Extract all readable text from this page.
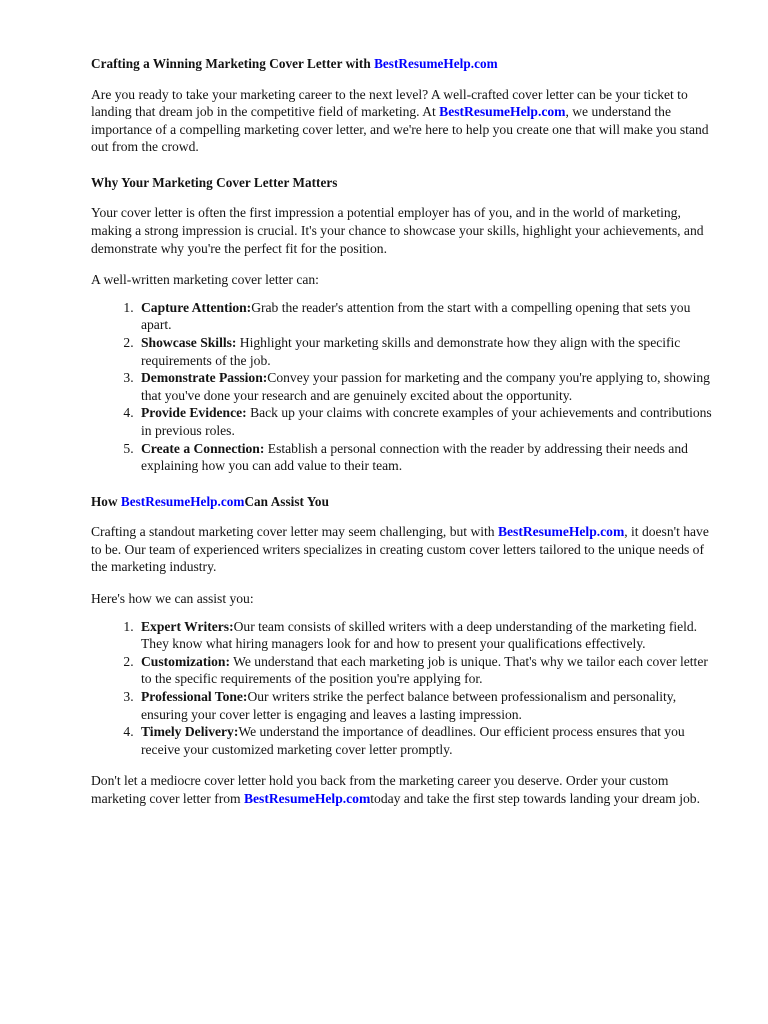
Crafting a Winning Marketing Cover Letter with BestResumeHelp.com

Are you ready to take your marketing career to the next level? A well-crafted cover letter can be your ticket to landing that dream job in the competitive field of marketing. At BestResumeHelp.com, we understand the importance of a compelling marketing cover letter, and we're here to help you create one that will make you stand out from the crowd.

Why Your Marketing Cover Letter Matters

Your cover letter is often the first impression a potential employer has of you, and in the world of marketing, making a strong impression is crucial. It's your chance to showcase your skills, highlight your achievements, and demonstrate why you're the perfect fit for the position.

A well-written marketing cover letter can:

1. Capture Attention:Grab the reader's attention from the start with a compelling opening that sets you apart.
2. Showcase Skills: Highlight your marketing skills and demonstrate how they align with the specific requirements of the job.
3. Demonstrate Passion:Convey your passion for marketing and the company you're applying to, showing that you've done your research and are genuinely excited about the opportunity.
4. Provide Evidence: Back up your claims with concrete examples of your achievements and contributions in previous roles.
5. Create a Connection: Establish a personal connection with the reader by addressing their needs and explaining how you can add value to their team.
How BestResumeHelp.comCan Assist You

Crafting a standout marketing cover letter may seem challenging, but with BestResumeHelp.com, it doesn't have to be. Our team of experienced writers specializes in creating custom cover letters tailored to the unique needs of the marketing industry.

Here's how we can assist you:

1. Expert Writers:Our team consists of skilled writers with a deep understanding of the marketing field. They know what hiring managers look for and how to present your qualifications effectively.
2. Customization: We understand that each marketing job is unique. That's why we tailor each cover letter to the specific requirements of the position you're applying for.
3. Professional Tone:Our writers strike the perfect balance between professionalism and personality, ensuring your cover letter is engaging and leaves a lasting impression.
4. Timely Delivery:We understand the importance of deadlines. Our efficient process ensures that you receive your customized marketing cover letter promptly.

Don't let a mediocre cover letter hold you back from the marketing career you deserve. Order your custom marketing cover letter from BestResumeHelp.comtoday and take the first step towards landing your dream job.
